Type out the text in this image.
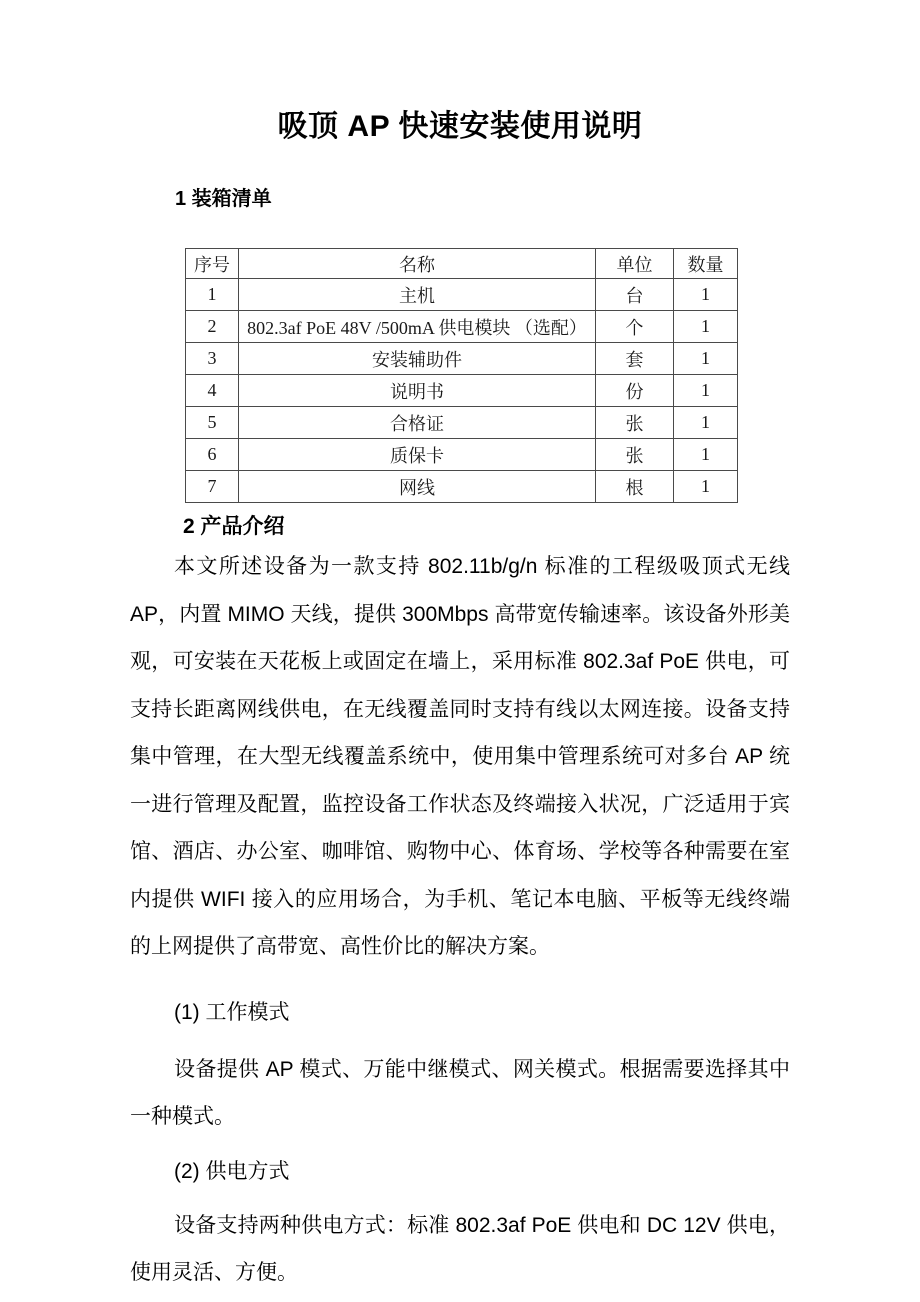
吸顶 AP 快速安装使用说明
1 装箱清单
序号	名称	单位	数量
1	主机	台	1
2	802.3af PoE 48V /500mA 供电模块 （选配）	个	1
3	安装辅助件	套	1
4	说明书	份	1
5	合格证	张	1
6	质保卡	张	1
7	网线	根	1
2 产品介绍

本文所述设备为一款支持 802.11b/g/n 标准的工程级吸顶式无线 AP，内置 MIMO 天线，提供 300Mbps 高带宽传输速率。该设备外形美观，可安装在天花板上或固定在墙上，采用标准 802.3af PoE 供电，可支持长距离网线供电，在无线覆盖同时支持有线以太网连接。设备支持集中管理，在大型无线覆盖系统中，使用集中管理系统可对多台 AP 统一进行管理及配置，监控设备工作状态及终端接入状况，广泛适用于宾馆、酒店、办公室、咖啡馆、购物中心、体育场、学校等各种需要在室内提供 WIFI 接入的应用场合，为手机、笔记本电脑、平板等无线终端的上网提供了高带宽、高性价比的解决方案。

(1) 工作模式

设备提供 AP 模式、万能中继模式、网关模式。根据需要选择其中一种模式。

(2) 供电方式

设备支持两种供电方式：标准 802.3af PoE 供电和 DC 12V 供电，使用灵活、方便。
